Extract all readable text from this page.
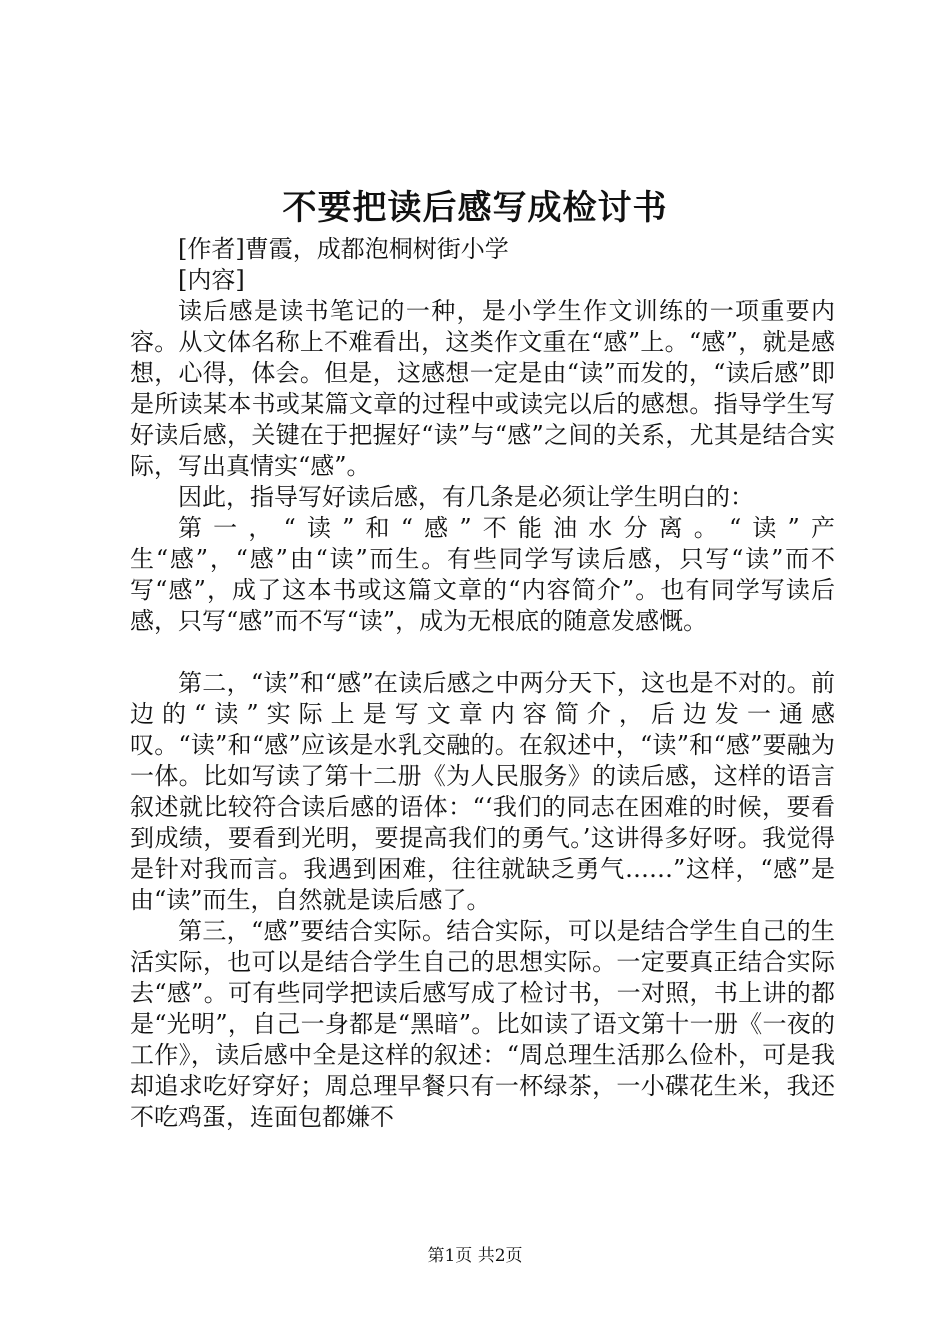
不要把读后感写成检讨书

[作者]曹霞，成都泡桐树街小学

[内容]

读后感是读书笔记的一种，是小学生作文训练的一项重要内容。从文体名称上不难看出，这类作文重在“感”上。“感”，就是感想，心得，体会。但是，这感想一定是由“读”而发的，“读后感”即是所读某本书或某篇文章的过程中或读完以后的感想。指导学生写好读后感，关键在于把握好“读”与“感”之间的关系，尤其是结合实际，写出真情实“感”。

因此，指导写好读后感，有几条是必须让学生明白的：

第一，“读”和“感”不能油水分离。“读”产生“感”，“感”由“读”而生。有些同学写读后感，只写“读”而不写“感”，成了这本书或这篇文章的“内容简介”。也有同学写读后感，只写“感”而不写“读”，成为无根底的随意发感慨。

第二，“读”和“感”在读后感之中两分天下，这也是不对的。前边的“读”实际上是写文章内容简介，后边发一通感叹。“读”和“感”应该是水乳交融的。在叙述中，“读”和“感”要融为一体。比如写读了第十二册《为人民服务》的读后感，这样的语言叙述就比较符合读后感的语体：“‘我们的同志在困难的时候，要看到成绩，要看到光明，要提高我们的勇气。’这讲得多好呀。我觉得是针对我而言。我遇到困难，往往就缺乏勇气……”这样，“感”是由“读”而生，自然就是读后感了。

第三，“感”要结合实际。结合实际，可以是结合学生自己的生活实际，也可以是结合学生自己的思想实际。一定要真正结合实际去“感”。可有些同学把读后感写成了检讨书，一对照，书上讲的都是“光明”，自己一身都是“黑暗”。比如读了语文第十一册《一夜的工作》，读后感中全是这样的叙述：“周总理生活那么俭朴，可是我却追求吃好穿好；周总理早餐只有一杯绿茶，一小碟花生米，我还不吃鸡蛋，连面包都嫌不

第1页 共2页
